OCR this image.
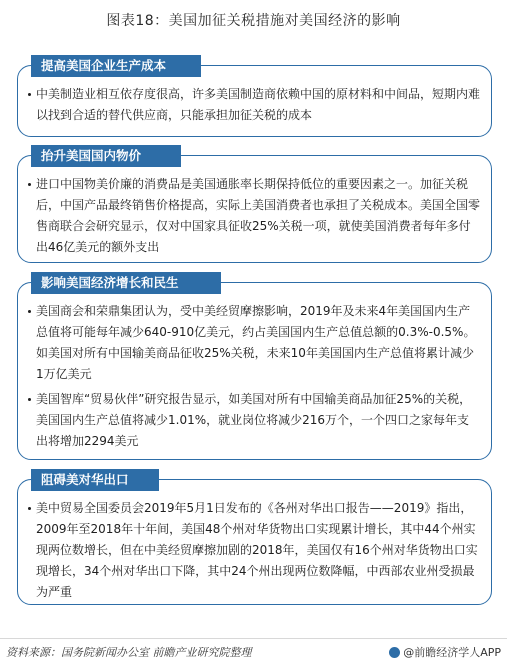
图表18：美国加征关税措施对美国经济的影响
提高美国企业生产成本
中美制造业相互依存度很高，许多美国制造商依赖中国的原材料和中间品，短期内难以找到合适的替代供应商，只能承担加征关税的成本
抬升美国国内物价
进口中国物美价廉的消费品是美国通胀率长期保持低位的重要因素之一。加征关税后，中国产品最终销售价格提高，实际上美国消费者也承担了关税成本。美国全国零售商联合会研究显示，仅对中国家具征收25%关税一项，就使美国消费者每年多付出46亿美元的额外支出
影响美国经济增长和民生
美国商会和荣鼎集团认为，受中美经贸摩擦影响，2019年及未来4年美国国内生产总值将可能每年减少640-910亿美元，约占美国国内生产总值总额的0.3%-0.5%。如美国对所有中国输美商品征收25%关税，未来10年美国国内生产总值将累计减少1万亿美元
美国智库“贸易伙伴”研究报告显示，如美国对所有中国输美商品加征25%的关税，美国国内生产总值将减少1.01%，就业岗位将减少216万个，一个四口之家每年支出将增加2294美元
阻碍美对华出口
美中贸易全国委员会2019年5月1日发布的《各州对华出口报告——2019》指出，2009年至2018年十年间，美国48个州对华货物出口实现累计增长，其中44个州实现两位数增长，但在中美经贸摩擦加剧的2018年，美国仅有16个州对华货物出口实现增长，34个州对华出口下降，其中24个州出现两位数降幅，中西部农业州受损最为严重
资料来源：国务院新闻办公室 前瞻产业研究院整理	@前瞻经济学人APP
